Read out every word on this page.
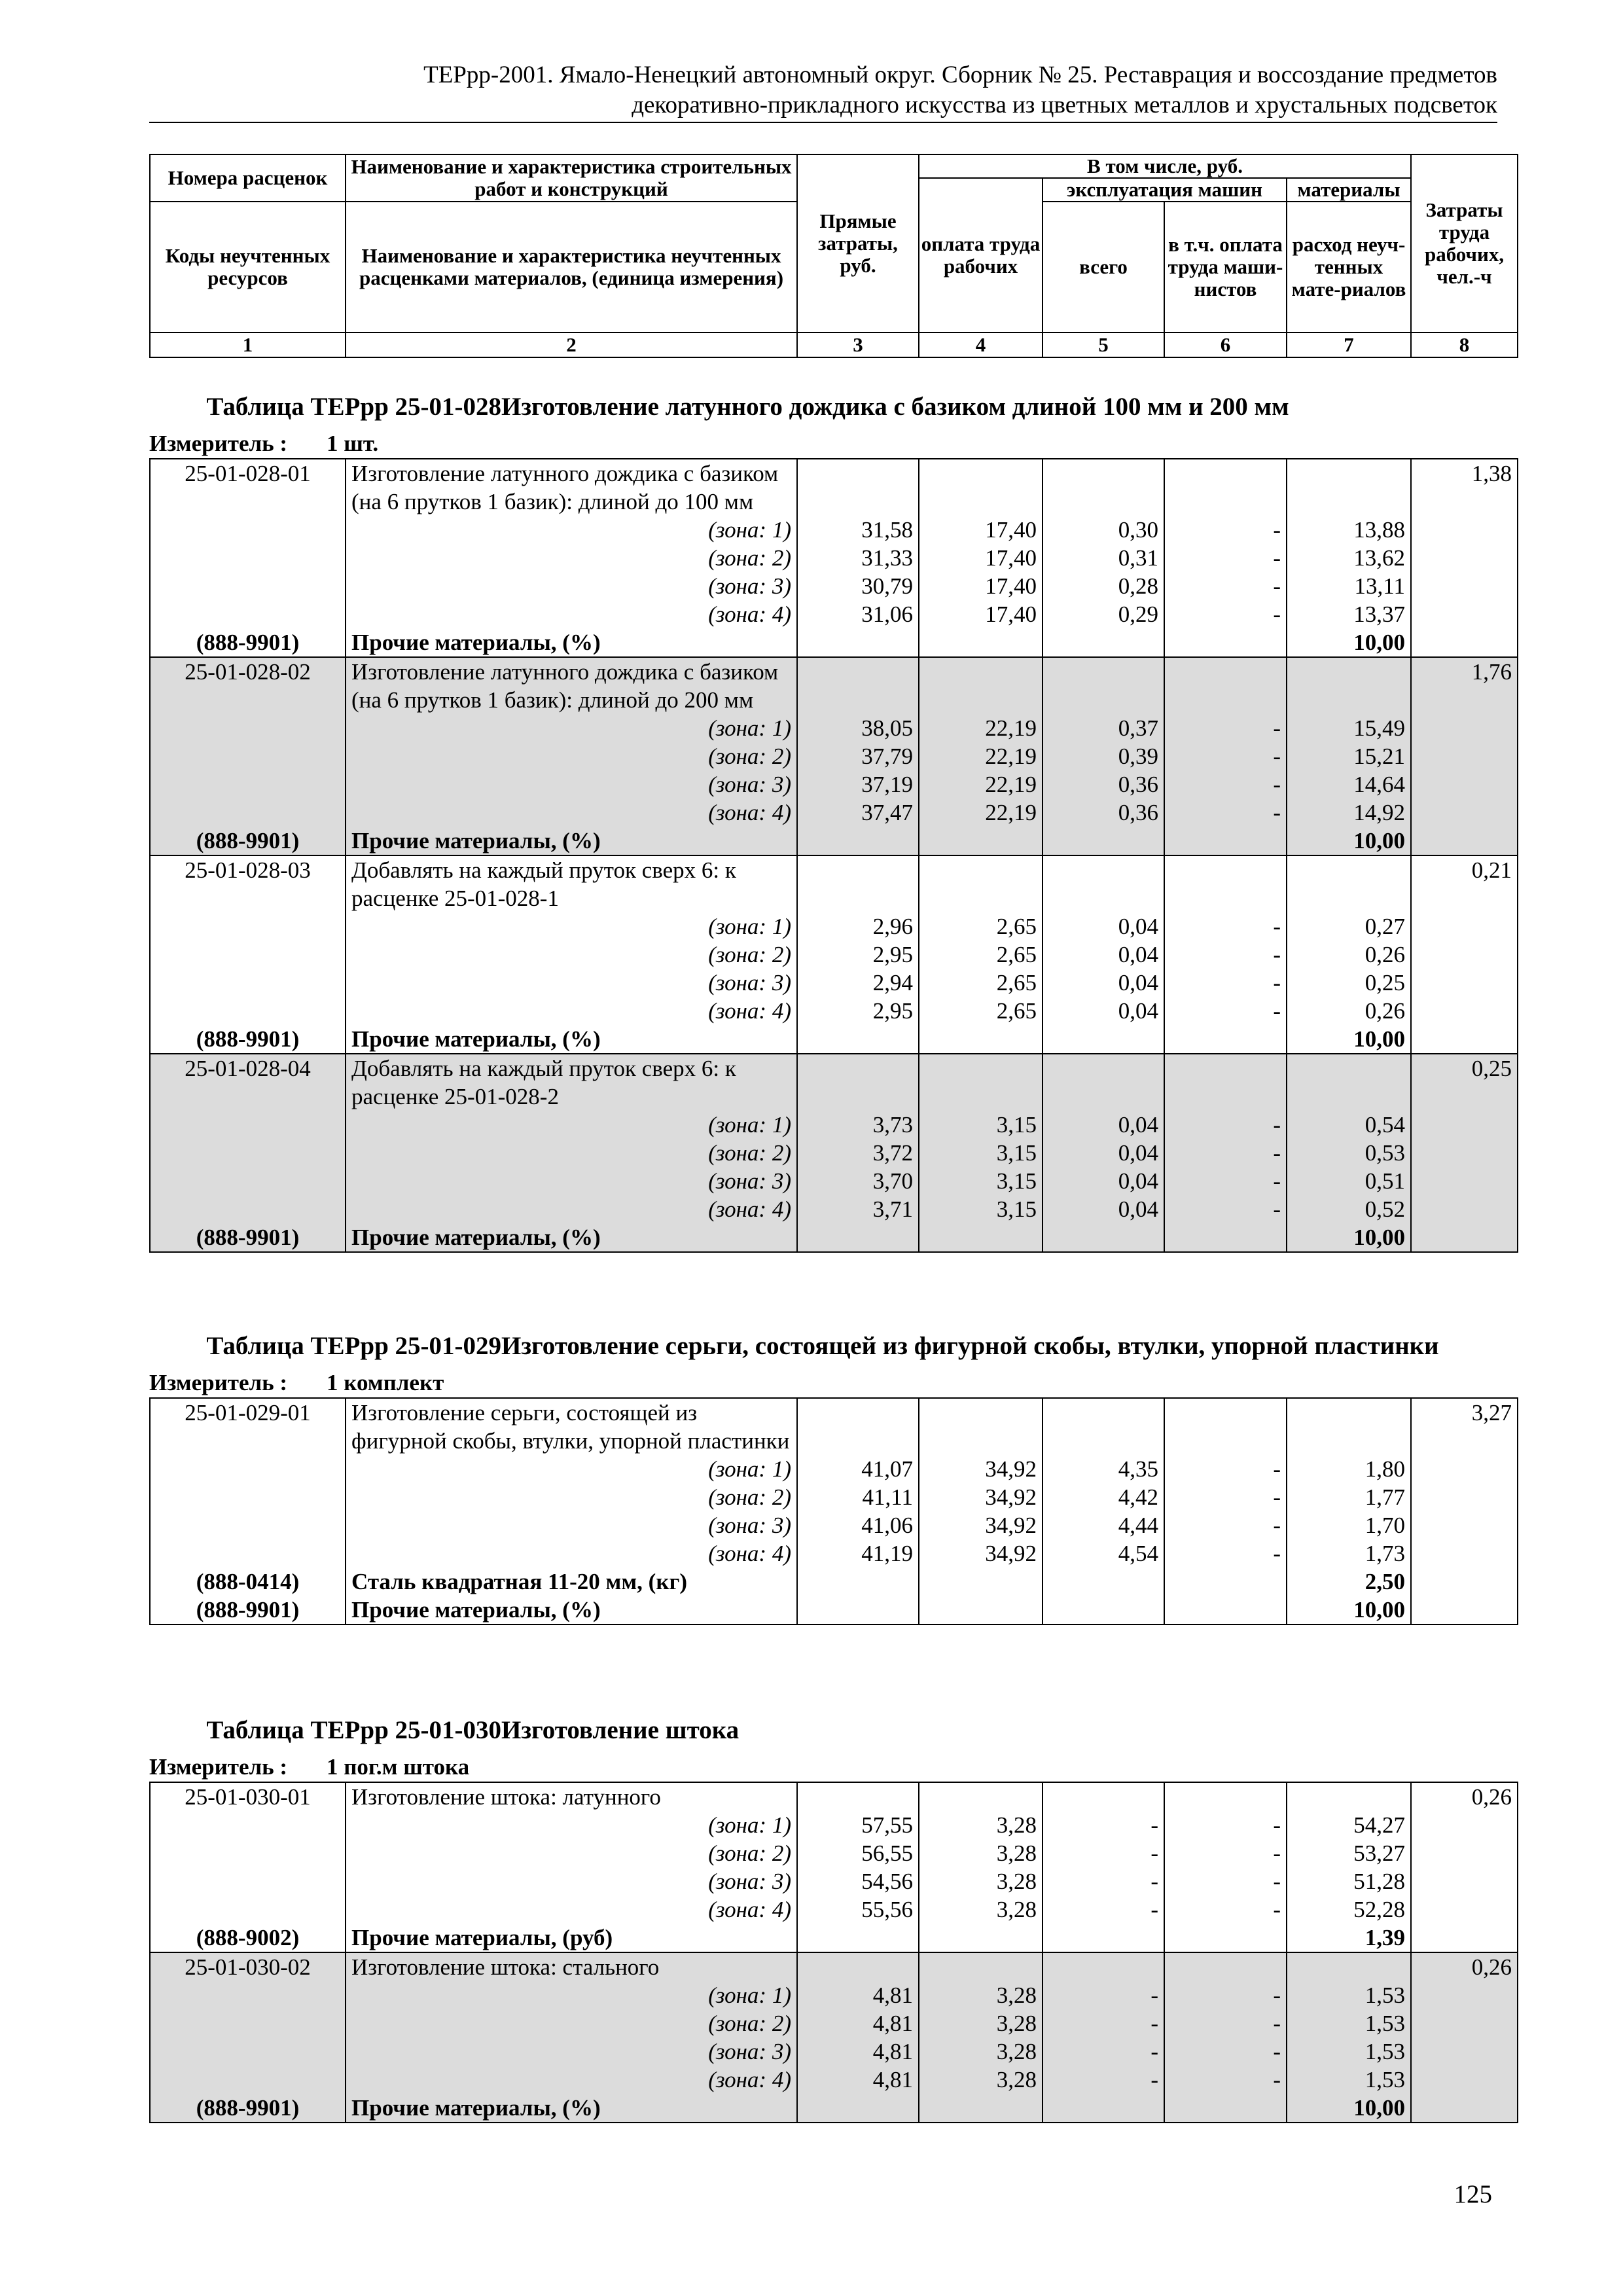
ТЕРрр-2001. Ямало-Ненецкий автономный округ. Сборник № 25. Реставрация и воссоздание предметов
декоративно-прикладного искусства из цветных металлов и хрустальных подсветок
Номера расценок	Наименование и характеристика строительных работ и конструкций	Прямые затраты, руб.	В том числе, руб.				Затраты труда рабочих, чел.-ч
			оплата труда рабочих	эксплуатация машин		материалы	
Коды неучтенных ресурсов	Наименование и характеристика неучтенных расценками материалов, (единица измерения)			всего	в т.ч. оплата труда маши-нистов	расход неуч-тенных мате-риалов	

1	2	3	4	5	6	7	8
Таблица ТЕРрр 25-01-028 Изготовление латунного дождика с базиком длиной 100 мм и 200 мм
Измеритель :	1 шт.
25-01-028-01	Изготовление латунного дождика с базиком (на 6 прутков 1 базик): длиной до 100 мм						1,38
	(зона: 1)	31,58	17,40	0,30	-	13,88	
	(зона: 2)	31,33	17,40	0,31	-	13,62	
	(зона: 3)	30,79	17,40	0,28	-	13,11	
	(зона: 4)	31,06	17,40	0,29	-	13,37	
(888-9901)	Прочие материалы, (%)					10,00	
25-01-028-02	Изготовление латунного дождика с базиком (на 6 прутков 1 базик): длиной до 200 мм						1,76
	(зона: 1)	38,05	22,19	0,37	-	15,49	
	(зона: 2)	37,79	22,19	0,39	-	15,21	
	(зона: 3)	37,19	22,19	0,36	-	14,64	
	(зона: 4)	37,47	22,19	0,36	-	14,92	
(888-9901)	Прочие материалы, (%)					10,00	
25-01-028-03	Добавлять на каждый пруток сверх 6: к расценке 25-01-028-1						0,21
	(зона: 1)	2,96	2,65	0,04	-	0,27	
	(зона: 2)	2,95	2,65	0,04	-	0,26	
	(зона: 3)	2,94	2,65	0,04	-	0,25	
	(зона: 4)	2,95	2,65	0,04	-	0,26	
(888-9901)	Прочие материалы, (%)					10,00	
25-01-028-04	Добавлять на каждый пруток сверх 6: к расценке 25-01-028-2						0,25
	(зона: 1)	3,73	3,15	0,04	-	0,54	
	(зона: 2)	3,72	3,15	0,04	-	0,53	
	(зона: 3)	3,70	3,15	0,04	-	0,51	
	(зона: 4)	3,71	3,15	0,04	-	0,52	
(888-9901)	Прочие материалы, (%)					10,00	
Таблица ТЕРрр 25-01-029 Изготовление серьги, состоящей из фигурной скобы, втулки, упорной пластинки
Измеритель :	1 комплект
25-01-029-01	Изготовление серьги, состоящей из фигурной скобы, втулки, упорной пластинки						3,27
	(зона: 1)	41,07	34,92	4,35	-	1,80	
	(зона: 2)	41,11	34,92	4,42	-	1,77	
	(зона: 3)	41,06	34,92	4,44	-	1,70	
	(зона: 4)	41,19	34,92	4,54	-	1,73	
(888-0414)	Сталь квадратная 11-20 мм, (кг)					2,50	
(888-9901)	Прочие материалы, (%)					10,00	
Таблица ТЕРрр 25-01-030 Изготовление штока
Измеритель :	1 пог.м штока
25-01-030-01	Изготовление штока: латунного						0,26
	(зона: 1)	57,55	3,28	-	-	54,27	
	(зона: 2)	56,55	3,28	-	-	53,27	
	(зона: 3)	54,56	3,28	-	-	51,28	
	(зона: 4)	55,56	3,28	-	-	52,28	
(888-9002)	Прочие материалы, (руб)					1,39	
25-01-030-02	Изготовление штока: стального						0,26
	(зона: 1)	4,81	3,28	-	-	1,53	
	(зона: 2)	4,81	3,28	-	-	1,53	
	(зона: 3)	4,81	3,28	-	-	1,53	
	(зона: 4)	4,81	3,28	-	-	1,53	
(888-9901)	Прочие материалы, (%)					10,00	
125
